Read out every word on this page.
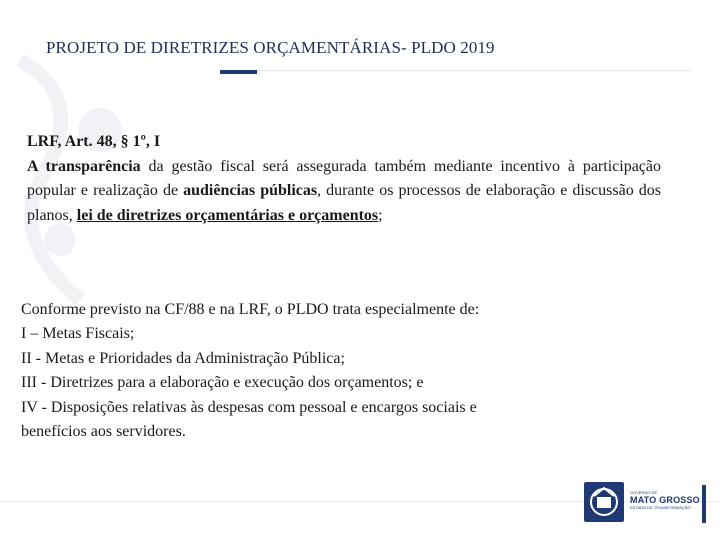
PROJETO DE DIRETRIZES ORÇAMENTÁRIAS- PLDO 2019
LRF, Art. 48, § 1º, I
A transparência da gestão fiscal será assegurada também mediante incentivo à participação popular e realização de audiências públicas, durante os processos de elaboração e discussão dos planos, lei de diretrizes orçamentárias e orçamentos;
Conforme previsto na CF/88 e na LRF, o PLDO trata especialmente de:
I – Metas Fiscais;
II - Metas e Prioridades da Administração Pública;
III - Diretrizes para a elaboração e execução dos orçamentos; e
IV - Disposições relativas às despesas com pessoal e encargos sociais e
benefícios aos servidores.
GOVERNO DE
MATO GROSSO
ESTADO DE TRANSFORMAÇÃO
